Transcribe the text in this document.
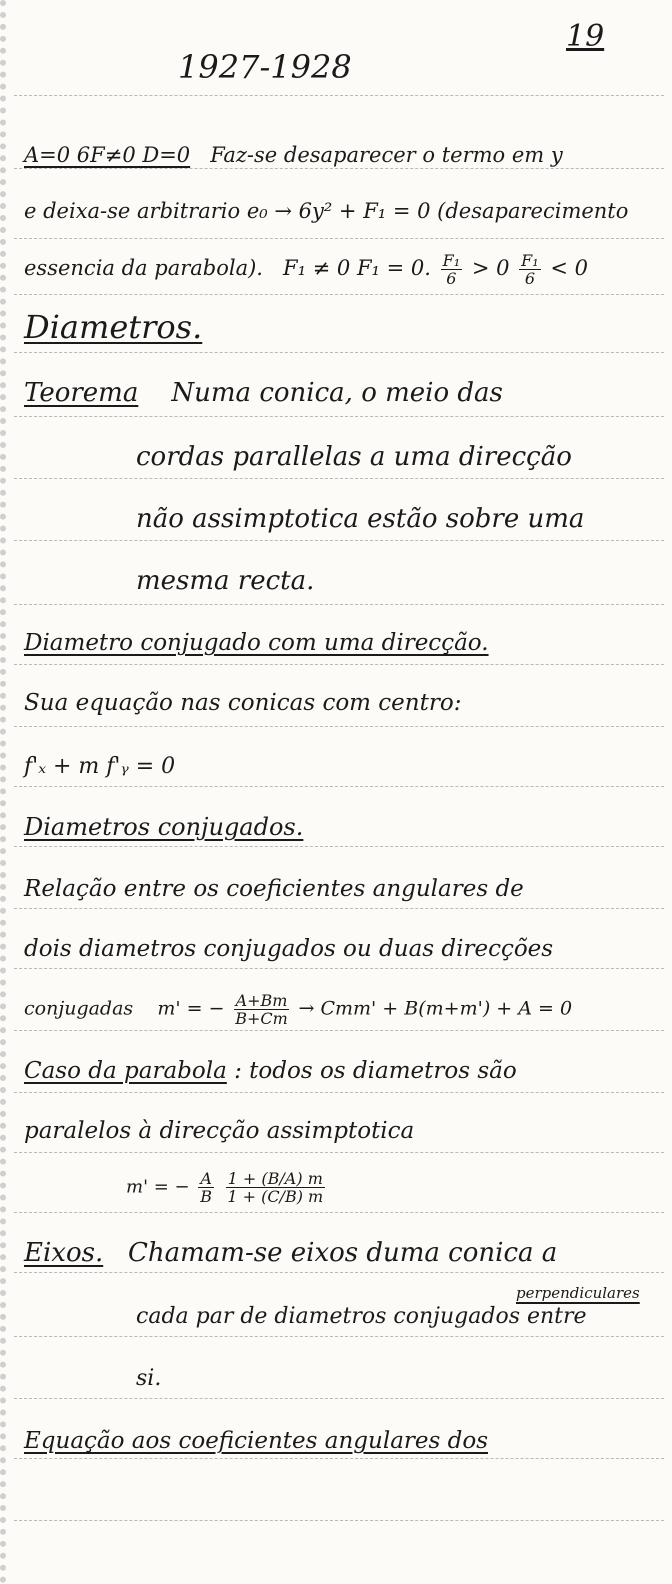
19
1927-1928
A=0 6F≠0 D=0 Faz-se desaparecer o termo em y
e deixa-se arbitrario e₀ → 6y² + F₁ = 0 (desaparecimento
essencia da parabola). F₁ ≠ 0 F₁ = 0. $\frac{\text{F₁}}{6} > 0 \frac{\text{F₁}}{6} < 0$
Diametros.
Teorema Numa conica, o meio das
cordas parallelas a uma direcção
não assimptotica estão sobre uma
mesma recta.
Diametro conjugado com uma direcção.
Sua equação nas conicas com centro:
f'ₓ + m f'ᵧ = 0
Diametros conjugados.
Relação entre os coeficientes angulares de
dois diametros conjugados ou duas direcções
conjugadas m' = − $\frac{A+Bm}{B+Cm} \to Cmm' + B(m+m') + A = 0$
Caso da parabola : todos os diametros são
paralelos à direcção assimptotica
m' = − $\frac{A}{B}$
$\frac{1 + (B/A) m}{1 + (C/B) m}$
Eixos. Chamam-se eixos duma conica a
perpendiculares
cada par de diametros conjugados entre
si.
Equação aos coeficientes angulares dos
